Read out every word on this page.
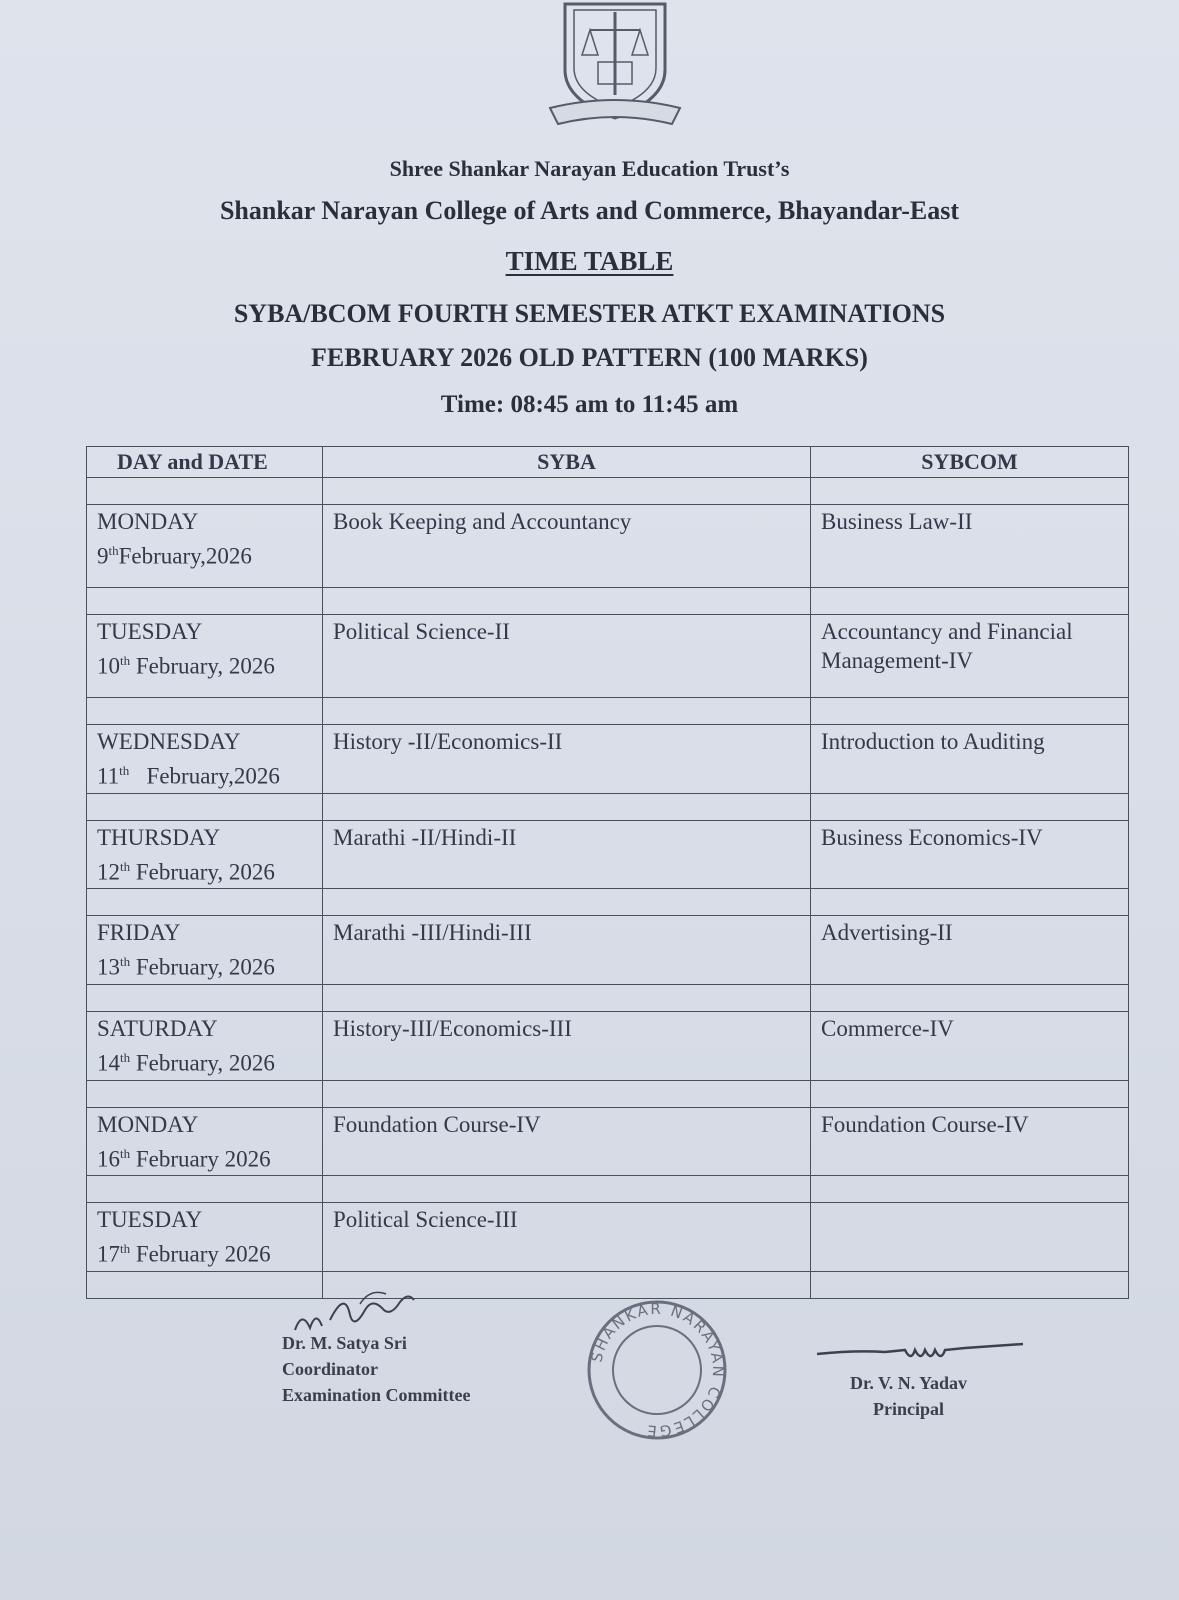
Shree Shankar Narayan Education Trust’s
Shankar Narayan College of Arts and Commerce, Bhayandar-East
TIME TABLE
SYBA/BCOM FOURTH SEMESTER ATKT EXAMINATIONS
FEBRUARY 2026 OLD PATTERN (100 MARKS)
Time: 08:45 am to 11:45 am
DAY and DATE	SYBA	SYBCOM

MONDAY
9thFebruary,2026	Book Keeping and Accountancy	Business Law-II

TUESDAY
10th February, 2026	Political Science-II	Accountancy and Financial Management-IV

WEDNESDAY
11th   February,2026	History -II/Economics-II	Introduction to Auditing

THURSDAY
12th February, 2026	Marathi -II/Hindi-II	Business Economics-IV

FRIDAY
13th February, 2026	Marathi -III/Hindi-III	Advertising-II

SATURDAY
14th February, 2026	History-III/Economics-III	Commerce-IV

MONDAY
16th February 2026	Foundation Course-IV	Foundation Course-IV

TUESDAY
17th February 2026	Political Science-III	

Dr. M. Satya Sri
Coordinator
Examination Committee
SHANKAR NARAYAN COLLEGE
Dr. V. N. Yadav
Principal
